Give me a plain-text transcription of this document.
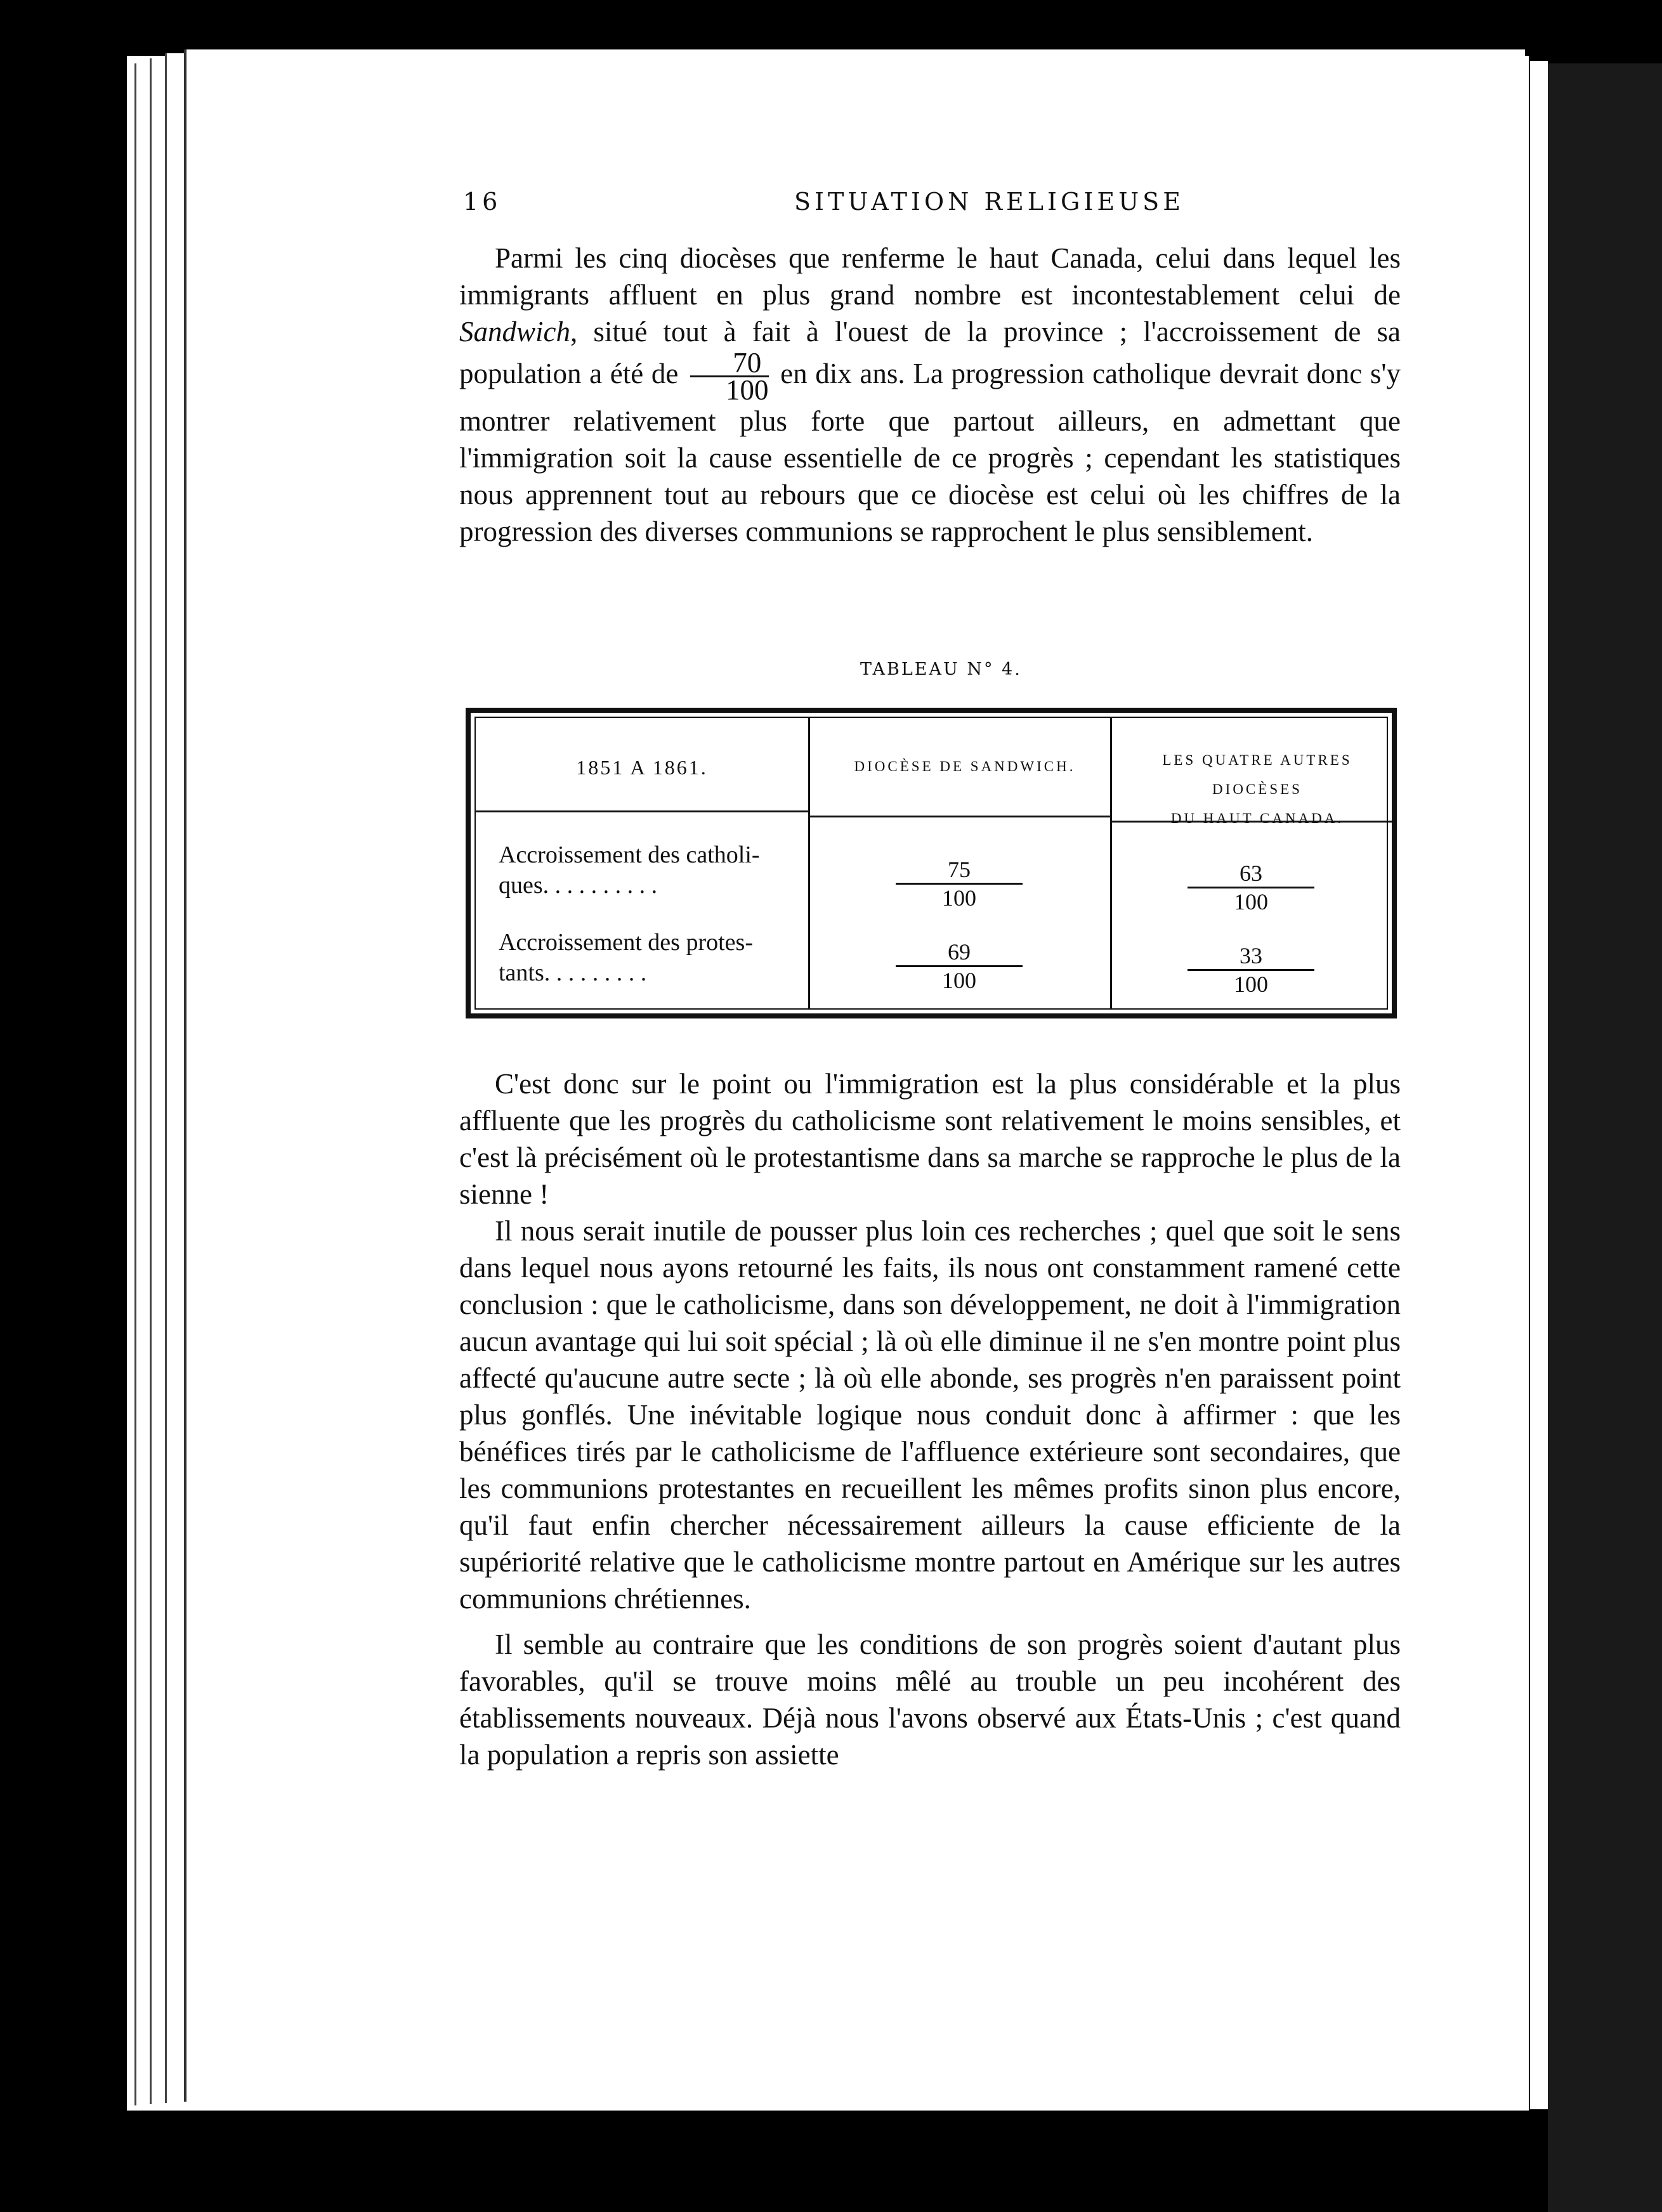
16	SITUATION RELIGIEUSE

Parmi les cinq diocèses que renferme le haut Canada, celui dans lequel les immigrants affluent en plus grand nombre est incontestablement celui de Sandwich, situé tout à fait à l'ouest de la province ; l'accroissement de sa population a été de $\frac{70}{100}$ en dix ans. La progression catholique devrait donc s'y montrer relativement plus forte que partout ailleurs, en admettant que l'immigration soit la cause essentielle de ce progrès ; cependant les statistiques nous apprennent tout au rebours que ce diocèse est celui où les chiffres de la progression des diverses communions se rapprochent le plus sensiblement.

TABLEAU N° 4.
1851 A 1861.	DIOCÈSE DE SANDWICH.	LES QUATRE AUTRES DIOCÈSES
DU HAUT CANADA.
Accroissement des catholi-
ques. . . . . . . . . .	$\frac{75}{100}$	$\frac{63}{100}$
Accroissement des protes-
tants. . . . . . . . .	$\frac{69}{100}$	$\frac{33}{100}$

C'est donc sur le point ou l'immigration est la plus considérable et la plus affluente que les progrès du catholicisme sont relativement le moins sensibles, et c'est là précisément où le protestantisme dans sa marche se rapproche le plus de la sienne !

Il nous serait inutile de pousser plus loin ces recherches ; quel que soit le sens dans lequel nous ayons retourné les faits, ils nous ont constamment ramené cette conclusion : que le catholicisme, dans son développement, ne doit à l'immigration aucun avantage qui lui soit spécial ; là où elle diminue il ne s'en montre point plus affecté qu'aucune autre secte ; là où elle abonde, ses progrès n'en paraissent point plus gonflés. Une inévitable logique nous conduit donc à affirmer : que les bénéfices tirés par le catholicisme de l'affluence extérieure sont secondaires, que les communions protestantes en recueillent les mêmes profits sinon plus encore, qu'il faut enfin chercher nécessairement ailleurs la cause efficiente de la supériorité relative que le catholicisme montre partout en Amérique sur les autres communions chrétiennes.

Il semble au contraire que les conditions de son progrès soient d'autant plus favorables, qu'il se trouve moins mêlé au trouble un peu incohérent des établissements nouveaux. Déjà nous l'avons observé aux États-Unis ; c'est quand la population a repris son assiette
